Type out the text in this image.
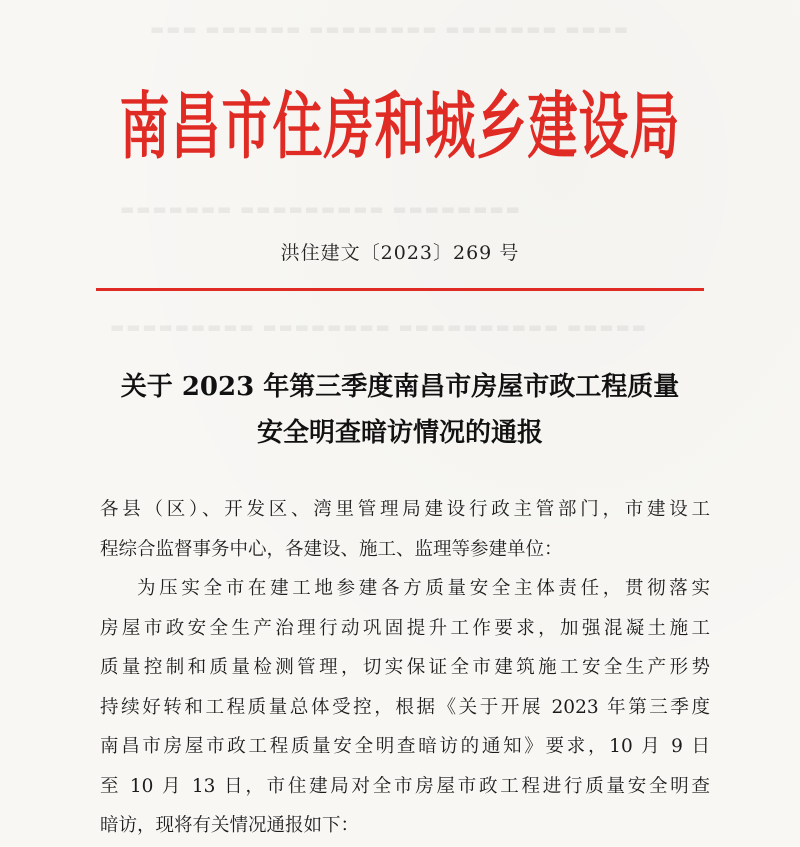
▬▬▬ ▬▬▬▬▬▬ ▬▬▬▬▬▬▬▬ ▬▬▬▬▬▬▬ ▬▬▬▬
▬▬▬▬▬▬▬ ▬▬▬▬▬▬▬▬▬ ▬▬▬▬▬▬▬▬
▬▬▬▬▬▬▬▬▬ ▬▬▬▬▬▬▬▬ ▬▬▬▬▬▬▬▬▬▬ ▬▬▬▬▬
南昌市住房和城乡建设局
洪住建文〔2023〕269 号
关于 2023 年第三季度南昌市房屋市政工程质量
安全明查暗访情况的通报
各县（区）、开发区、湾里管理局建设行政主管部门，市建设工
程综合监督事务中心，各建设、施工、监理等参建单位：
为压实全市在建工地参建各方质量安全主体责任，贯彻落实
房屋市政安全生产治理行动巩固提升工作要求，加强混凝土施工
质量控制和质量检测管理，切实保证全市建筑施工安全生产形势
持续好转和工程质量总体受控，根据《关于开展 2023 年第三季度
南昌市房屋市政工程质量安全明查暗访的通知》要求，10 月 9 日
至 10 月 13 日，市住建局对全市房屋市政工程进行质量安全明查
暗访，现将有关情况通报如下：
